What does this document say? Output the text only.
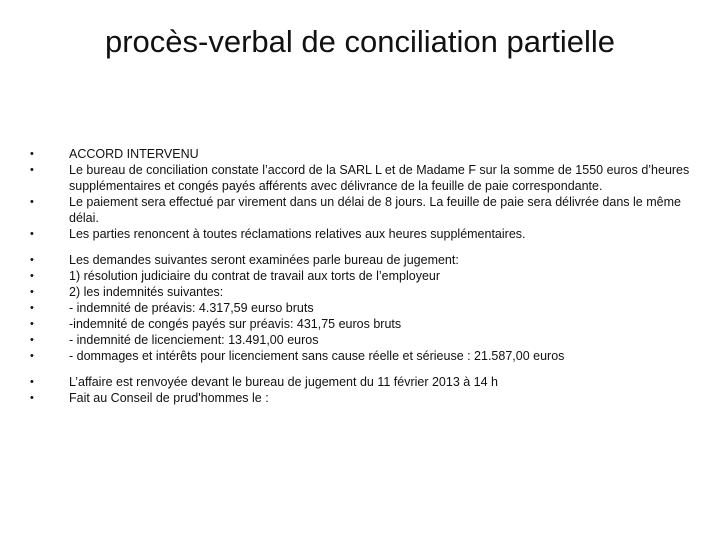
procès-verbal de conciliation partielle
•	ACCORD INTERVENU
•	Le bureau de conciliation constate l’accord de la SARL L et de Madame F sur la somme de 1550 euros d’heures supplémentaires et congés payés afférents avec délivrance de la feuille de paie correspondante.
•	Le paiement sera effectué par virement dans un délai de 8 jours. La feuille de paie sera délivrée dans le même délai.
•	Les parties renoncent à toutes réclamations relatives aux heures supplémentaires.
•	Les demandes suivantes seront examinées parle bureau de jugement:
•	1) résolution judiciaire du contrat de travail aux torts de l’employeur
•	2) les indemnités suivantes:
•	- indemnité de préavis: 4.317,59 eurso bruts
•	-indemnité de congés payés sur préavis: 431,75 euros bruts
•	- indemnité de licenciement: 13.491,00 euros
•	- dommages et intérêts pour licenciement sans cause réelle et sérieuse : 21.587,00 euros
•	L’affaire est renvoyée devant le bureau de jugement du 11 février 2013 à 14 h
•	Fait au Conseil de prud'hommes le :
